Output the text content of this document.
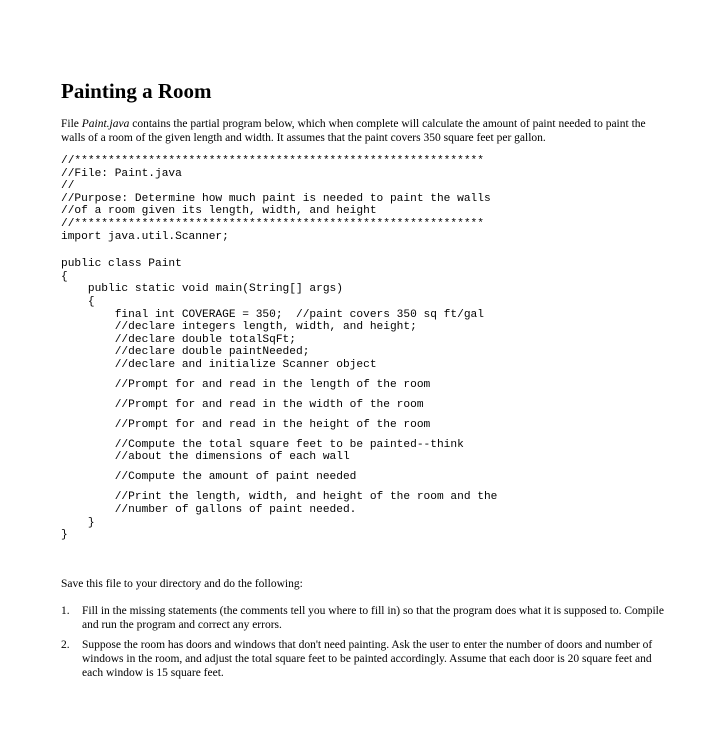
Painting a Room

File Paint.java contains the partial program below, which when complete will calculate the amount of paint needed to paint the walls of a room of the given length and width. It assumes that the paint covers 350 square feet per gallon.

//*************************************************************
//File: Paint.java
//
//Purpose: Determine how much paint is needed to paint the walls
//of a room given its length, width, and height
//*************************************************************
import java.util.Scanner;
public class Paint
{
public static void main(String[] args)
{
final int COVERAGE = 350;  //paint covers 350 sq ft/gal
//declare integers length, width, and height;
//declare double totalSqFt;
//declare double paintNeeded;
//declare and initialize Scanner object
//Prompt for and read in the length of the room
//Prompt for and read in the width of the room
//Prompt for and read in the height of the room
//Compute the total square feet to be painted--think
//about the dimensions of each wall
//Compute the amount of paint needed
//Print the length, width, and height of the room and the
//number of gallons of paint needed.
}
}

Save this file to your directory and do the following:

1. Fill in the missing statements (the comments tell you where to fill in) so that the program does what it is supposed to. Compile and run the program and correct any errors.
2. Suppose the room has doors and windows that don't need painting. Ask the user to enter the number of doors and number of windows in the room, and adjust the total square feet to be painted accordingly. Assume that each door is 20 square feet and each window is 15 square feet.
